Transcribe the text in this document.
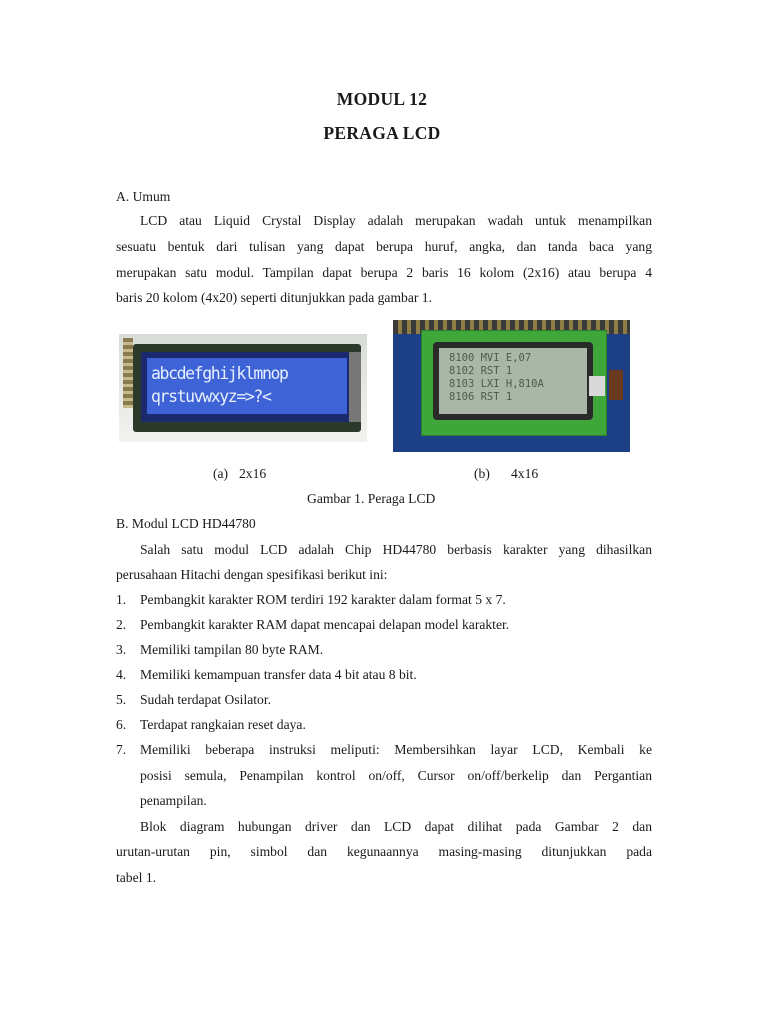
MODUL 12
PERAGA LCD
A. Umum
LCD atau Liquid Crystal Display adalah merupakan wadah untuk menampilkan
sesuatu bentuk dari tulisan yang dapat berupa huruf, angka, dan tanda baca yang
merupakan satu modul. Tampilan dapat berupa 2 baris 16 kolom (2x16) atau berupa 4
baris 20 kolom (4x20) seperti ditunjukkan pada gambar 1.
abcdefghijklmnop
qrstuvwxyz=>?<
8100 MVI E,07
8102 RST 1
8103 LXI H,810A
8106 RST 1
(a) 2x16	(b) 4x16
Gambar 1. Peraga LCD
B. Modul LCD HD44780
Salah satu modul LCD adalah Chip HD44780 berbasis karakter yang dihasilkan
perusahaan Hitachi dengan spesifikasi berikut ini:
1. Pembangkit karakter ROM terdiri 192 karakter dalam format 5 x 7.
2. Pembangkit karakter RAM dapat mencapai delapan model karakter.
3. Memiliki tampilan 80 byte RAM.
4. Memiliki kemampuan transfer data 4 bit atau 8 bit.
5. Sudah terdapat Osilator.
6. Terdapat rangkaian reset daya.
7. Memiliki beberapa instruksi meliputi: Membersihkan layar LCD, Kembali ke
posisi semula, Penampilan kontrol on/off, Cursor on/off/berkelip dan Pergantian
penampilan.
Blok diagram hubungan driver dan LCD dapat dilihat pada Gambar 2 dan
urutan-urutan pin, simbol dan kegunaannya masing-masing ditunjukkan pada
tabel 1.
